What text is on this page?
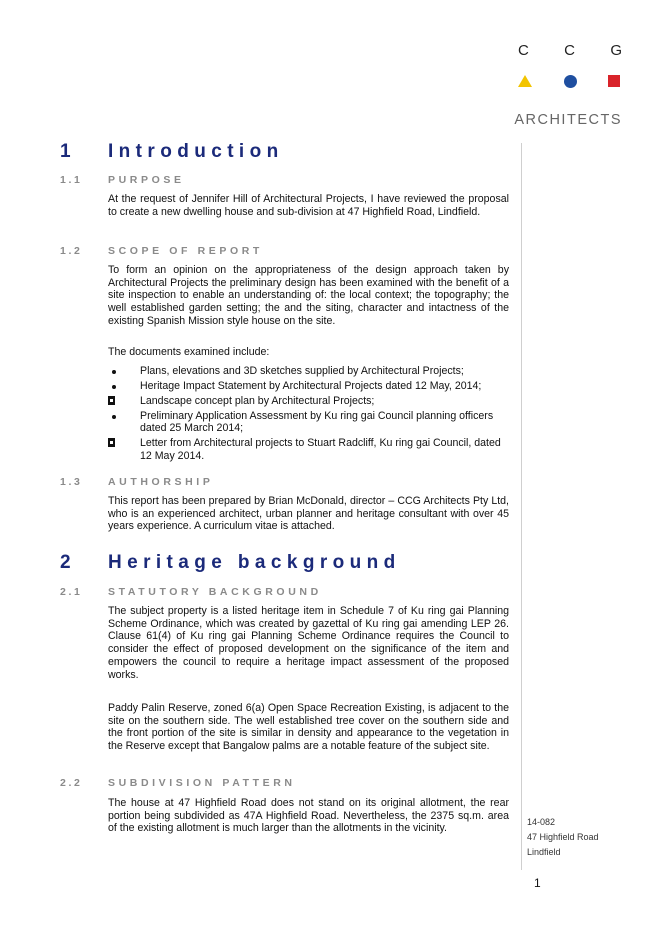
C C G
ARCHITECTS
1 Introduction
1.1 PURPOSE

At the request of Jennifer Hill of Architectural Projects, I have reviewed the proposal to create a new dwelling house and sub-division at 47 Highfield Road, Lindfield.

1.2 SCOPE OF REPORT

To form an opinion on the appropriateness of the design approach taken by Architectural Projects the preliminary design has been examined with the benefit of a site inspection to enable an understanding of: the local context; the topography; the well established garden setting; the and the siting, character and intactness of the existing Spanish Mission style house on the site.

The documents examined include:
Plans, elevations and 3D sketches supplied by Architectural Projects;
Heritage Impact Statement by Architectural Projects dated 12 May, 2014;
Landscape concept plan by Architectural Projects;
Preliminary Application Assessment by Ku ring gai Council planning officers dated 25 March 2014;
Letter from Architectural projects to Stuart Radcliff, Ku ring gai Council, dated 12 May 2014.
1.3 AUTHORSHIP

This report has been prepared by Brian McDonald, director – CCG Architects Pty Ltd, who is an experienced architect, urban planner and heritage consultant with over 45 years experience. A curriculum vitae is attached.

2 Heritage background
2.1 STATUTORY BACKGROUND

The subject property is a listed heritage item in Schedule 7 of Ku ring gai Planning Scheme Ordinance, which was created by gazettal of Ku ring gai amending LEP 26. Clause 61(4) of Ku ring gai Planning Scheme Ordinance requires the Council to consider the effect of proposed development on the significance of the item and empowers the council to require a heritage impact assessment of the proposed works.

Paddy Palin Reserve, zoned 6(a) Open Space Recreation Existing, is adjacent to the site on the southern side. The well established tree cover on the southern side and the front portion of the site is similar in density and appearance to the vegetation in the Reserve except that Bangalow palms are a notable feature of the subject site.

2.2 SUBDIVISION PATTERN

The house at 47 Highfield Road does not stand on its original allotment, the rear portion being subdivided as 47A Highfield Road. Nevertheless, the 2375 sq.m. area of the existing allotment is much larger than the allotments in the vicinity.

14-082
47 Highfield Road
Lindfield
1
